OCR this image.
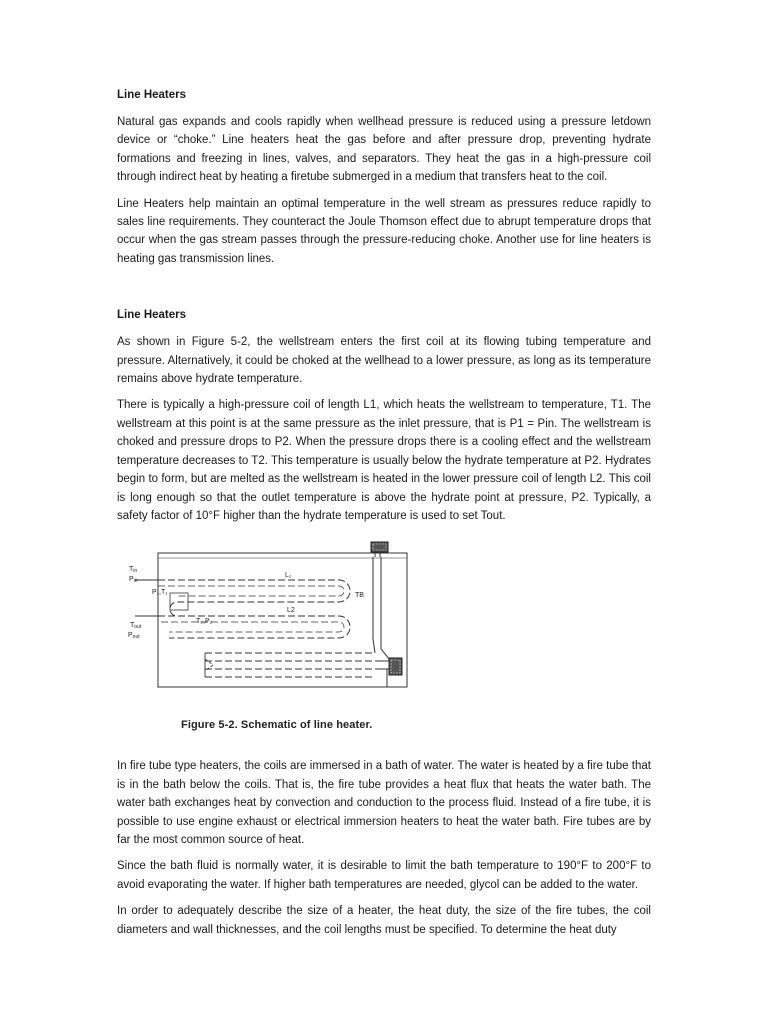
Line Heaters

Natural gas expands and cools rapidly when wellhead pressure is reduced using a pressure letdown device or “choke.” Line heaters heat the gas before and after pressure drop, preventing hydrate formations and freezing in lines, valves, and separators. They heat the gas in a high-pressure coil through indirect heat by heating a firetube submerged in a medium that transfers heat to the coil.

Line Heaters help maintain an optimal temperature in the well stream as pressures reduce rapidly to sales line requirements. They counteract the Joule Thomson effect due to abrupt temperature drops that occur when the gas stream passes through the pressure-reducing choke. Another use for line heaters is heating gas transmission lines.

Line Heaters

As shown in Figure 5-2, the wellstream enters the first coil at its flowing tubing temperature and pressure. Alternatively, it could be choked at the wellhead to a lower pressure, as long as its temperature remains above hydrate temperature.

There is typically a high-pressure coil of length L1, which heats the wellstream to temperature, T1. The wellstream at this point is at the same pressure as the inlet pressure, that is P1 = Pin. The wellstream is choked and pressure drops to P2. When the pressure drops there is a cooling effect and the wellstream temperature decreases to T2. This temperature is usually below the hydrate temperature at P2. Hydrates begin to form, but are melted as the wellstream is heated in the lower pressure coil of length L2. This coil is long enough so that the outlet temperature is above the hydrate point at pressure, P2. Typically, a safety factor of 10°F higher than the hydrate temperature is used to set Tout.

Tin
Pin
P₁,T₁
L₁
L2
T₂,P₂
TB
Tout
Pout
Figure 5-2. Schematic of line heater.

In fire tube type heaters, the coils are immersed in a bath of water. The water is heated by a fire tube that is in the bath below the coils. That is, the fire tube provides a heat flux that heats the water bath. The water bath exchanges heat by convection and conduction to the process fluid. Instead of a fire tube, it is possible to use engine exhaust or electrical immersion heaters to heat the water bath. Fire tubes are by far the most common source of heat.

Since the bath fluid is normally water, it is desirable to limit the bath temperature to 190°F to 200°F to avoid evaporating the water. If higher bath temperatures are needed, glycol can be added to the water.

In order to adequately describe the size of a heater, the heat duty, the size of the fire tubes, the coil diameters and wall thicknesses, and the coil lengths must be specified. To determine the heat duty
